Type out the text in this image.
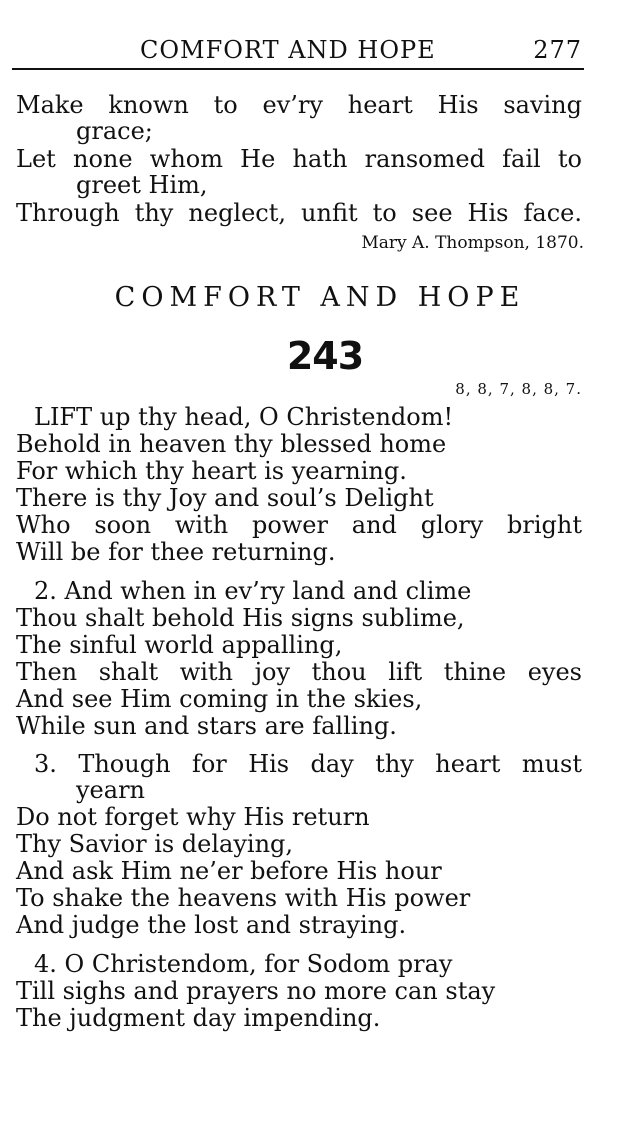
COMFORT AND HOPE	277
Make known to ev’ry heart His saving
grace;
Let none whom He hath ransomed fail to
greet Him,
Through thy neglect, unfit to see His face.
Mary A. Thompson, 1870.
COMFORT AND HOPE
243
8, 8, 7, 8, 8, 7.
LIFT up thy head, O Christendom!
Behold in heaven thy blessed home
For which thy heart is yearning.
There is thy Joy and soul’s Delight
Who soon with power and glory bright
Will be for thee returning.
2. And when in ev’ry land and clime
Thou shalt behold His signs sublime,
The sinful world appalling,
Then shalt with joy thou lift thine eyes
And see Him coming in the skies,
While sun and stars are falling.
3. Though for His day thy heart must
yearn
Do not forget why His return
Thy Savior is delaying,
And ask Him ne’er before His hour
To shake the heavens with His power
And judge the lost and straying.
4. O Christendom, for Sodom pray
Till sighs and prayers no more can stay
The judgment day impending.
